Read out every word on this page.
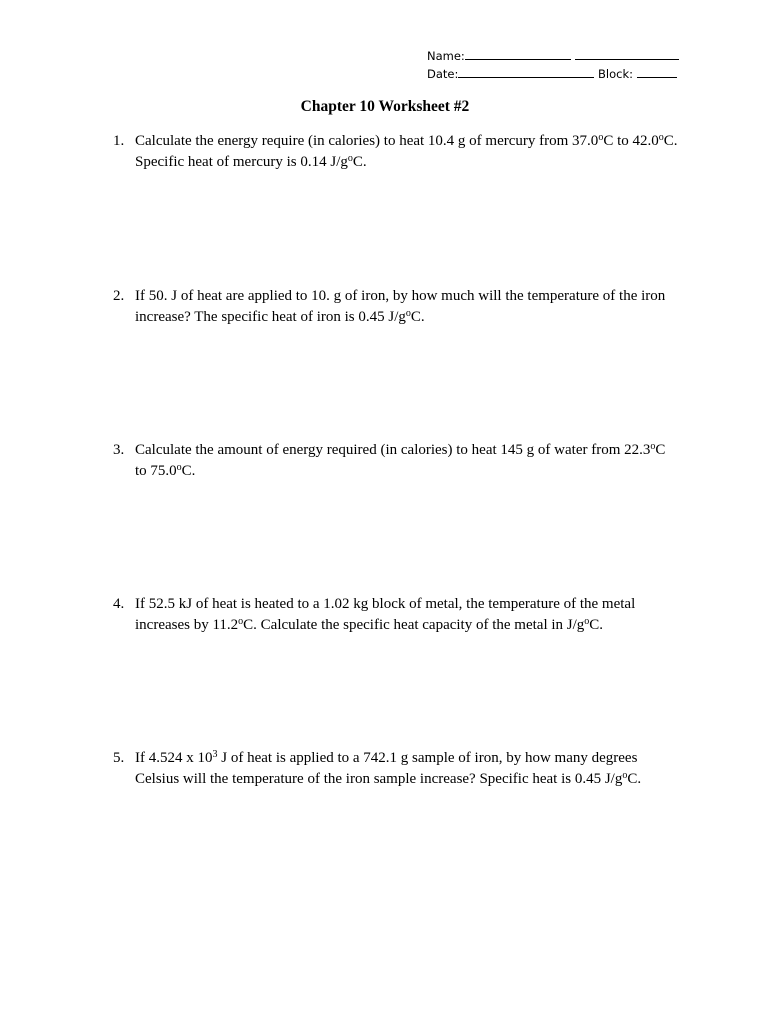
Name:
Date:	Block:
Chapter 10 Worksheet #2
1. Calculate the energy require (in calories) to heat 10.4 g of mercury from 37.0$^o$C to 42.0$^o$C. Specific heat of mercury is 0.14 $J/g^oC$.
2. If 50. J of heat are applied to 10. g of iron, by how much will the temperature of the iron increase? The specific heat of iron is 0.45 $J/g^oC$.
3. Calculate the amount of energy required (in calories) to heat 145 g of water from 22.3$^o$C to 75.0$^o$C.
4. If 52.5 kJ of heat is heated to a 1.02 kg block of metal, the temperature of the metal increases by 11.2$^o$C. Calculate the specific heat capacity of the metal in $J/g^oC$.
5. If 4.524 x $10^3$ J of heat is applied to a 742.1 g sample of iron, by how many degrees Celsius will the temperature of the iron sample increase? Specific heat is 0.45 $J/g^oC$.
